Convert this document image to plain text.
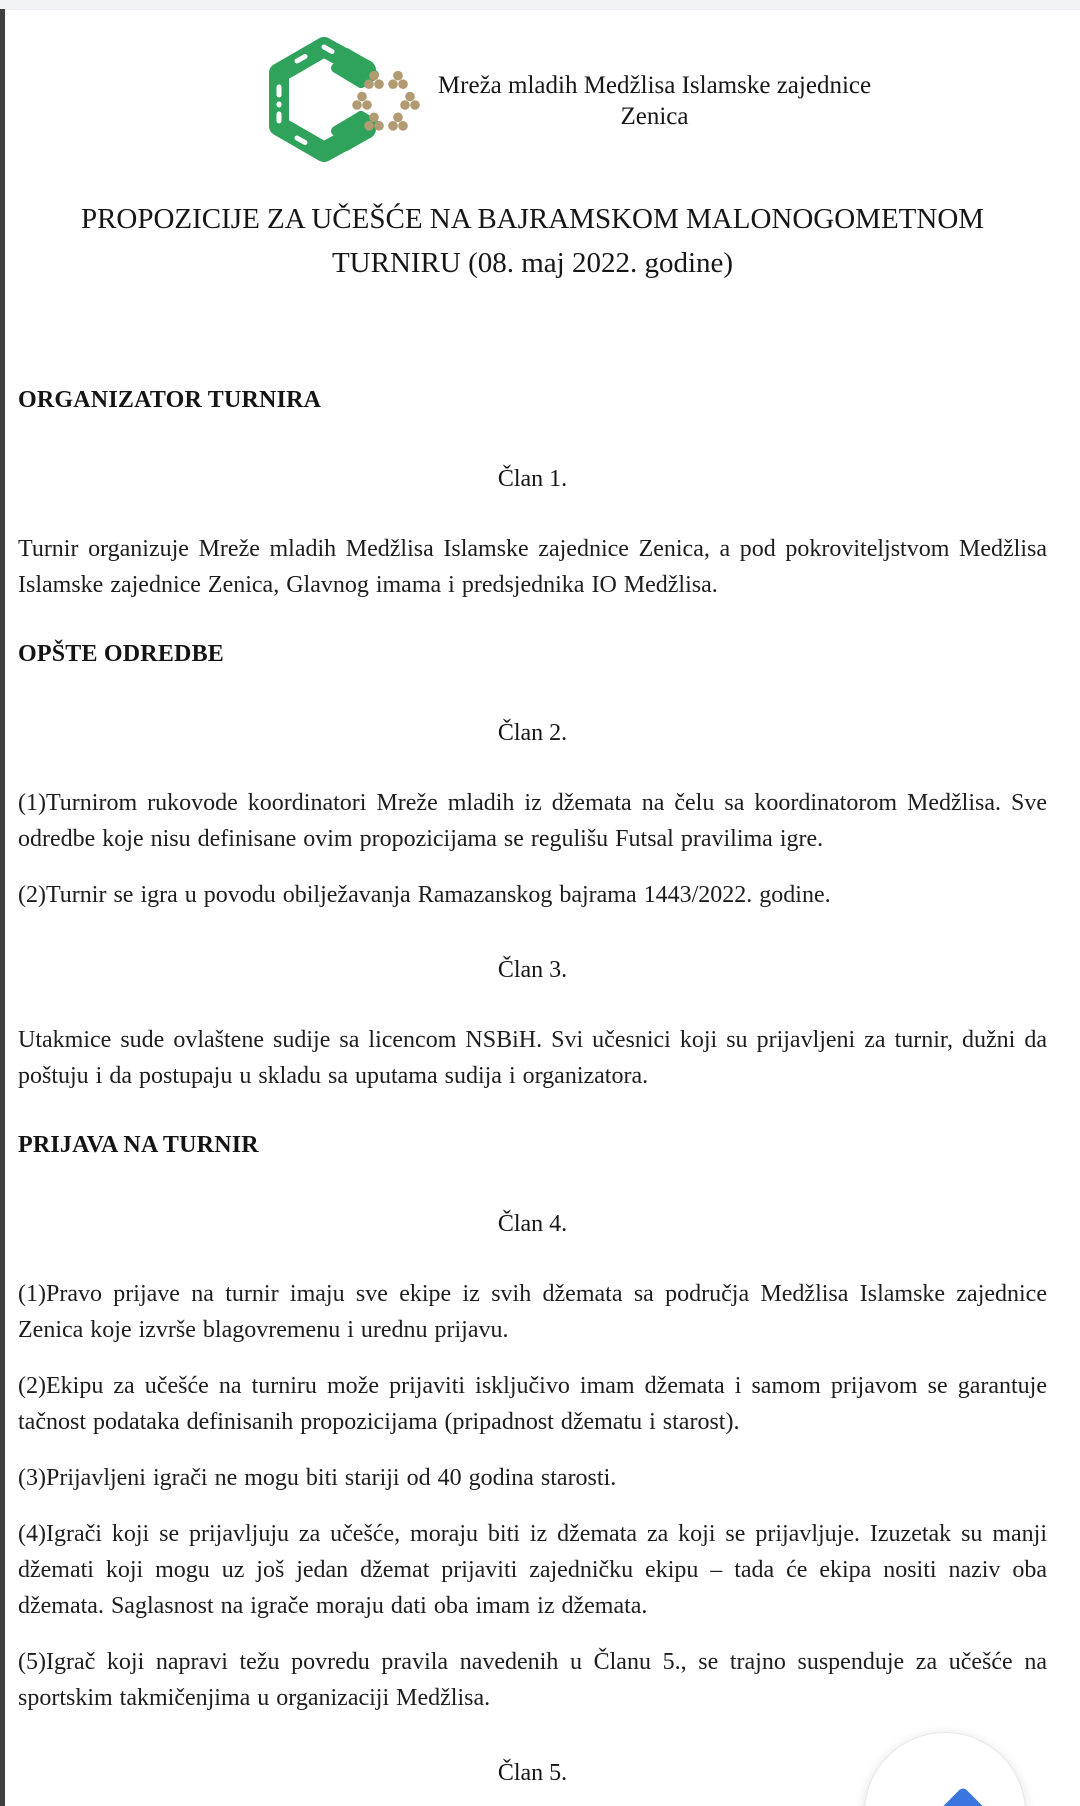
Mreža mladih Medžlisa Islamske zajednice
Zenica
PROPOZICIJE ZA UČEŠĆE NA BAJRAMSKOM MALONOGOMETNOM
TURNIRU (08. maj 2022. godine)
ORGANIZATOR TURNIRA
Član 1.

Turnir organizuje Mreže mladih Medžlisa Islamske zajednice Zenica, a pod pokroviteljstvom Medžlisa Islamske zajednice Zenica, Glavnog imama i predsjednika IO Medžlisa.

OPŠTE ODREDBE
Član 2.

(1)Turnirom rukovode koordinatori Mreže mladih iz džemata na čelu sa koordinatorom Medžlisa. Sve odredbe koje nisu definisane ovim propozicijama se regulišu Futsal pravilima igre.

(2)Turnir se igra u povodu obilježavanja Ramazanskog bajrama 1443/2022. godine.

Član 3.

Utakmice sude ovlaštene sudije sa licencom NSBiH. Svi učesnici koji su prijavljeni za turnir, dužni da poštuju i da postupaju u skladu sa uputama sudija i organizatora.

PRIJAVA NA TURNIR
Član 4.

(1)Pravo prijave na turnir imaju sve ekipe iz svih džemata sa područja Medžlisa Islamske zajednice Zenica koje izvrše blagovremenu i urednu prijavu.

(2)Ekipu za učešće na turniru može prijaviti isključivo imam džemata i samom prijavom se garantuje tačnost podataka definisanih propozicijama (pripadnost džematu i starost).

(3)Prijavljeni igrači ne mogu biti stariji od 40 godina starosti.

(4)Igrači koji se prijavljuju za učešće, moraju biti iz džemata za koji se prijavljuje. Izuzetak su manji džemati koji mogu uz još jedan džemat prijaviti zajedničku ekipu – tada će ekipa nositi naziv oba džemata. Saglasnost na igrače moraju dati oba imam iz džemata.

(5)Igrač koji napravi težu povredu pravila navedenih u Članu 5., se trajno suspenduje za učešće na sportskim takmičenjima u organizaciji Medžlisa.

Član 5.
